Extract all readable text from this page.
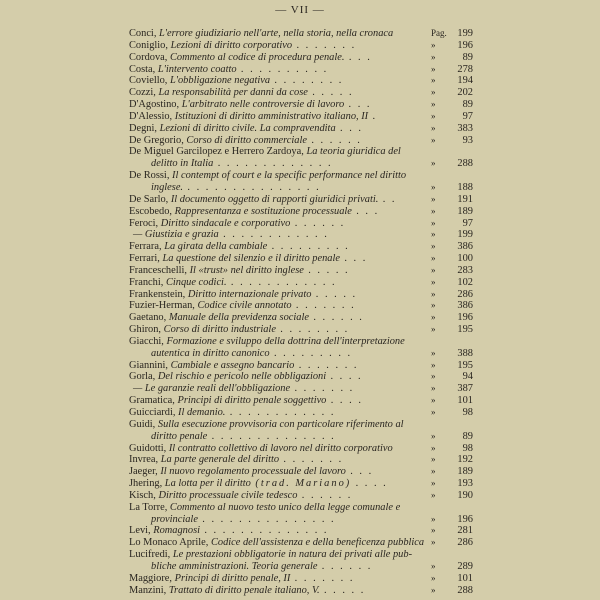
— VII —
Conci, L'errore giudiziario nell'arte, nella storia, nella cronaca	Pag.	199
Coniglio, Lezioni di diritto corporativo . . . . . . .	»	196
Cordova, Commento al codice di procedura penale. . . .	»	89
Costa, L'intervento coatto . . . . . . . . . .	»	278
Coviello, L'obbligazione negativa . . . . . . . .	»	194
Cozzi, La responsabilità per danni da cose . . . . .	»	202
D'Agostino, L'arbitrato nelle controversie di lavoro . . .	»	89
D'Alessio, Istituzioni di diritto amministrativo italiano, II .	»	97
Degni, Lezioni di diritto civile. La compravendita . . .	»	383
De Gregorio, Corso di diritto commerciale . . . . . .	»	93
De Miguel Garcilopez e Herrero Zardoya, La teoria giuridica del
delitto in Italia . . . . . . . . . . . . .	»	288
De Rossi, Il contempt of court e la specific performance nel diritto
inglese. . . . . . . . . . . . . . . .	»	188
De Sarlo, Il documento oggetto di rapporti giuridici privati. . .	»	191
Escobedo, Rappresentanza e sostituzione processuale . . .	»	189
Feroci, Diritto sindacale e corporativo . . . . . .	»	97
— Giustizia e grazia . . . . . . . . . . . .	»	199
Ferrara, La girata della cambiale . . . . . . . . .	»	386
Ferrari, La questione del silenzio e il diritto penale . . .	»	100
Franceschelli, Il «trust» nel diritto inglese . . . . .	»	283
Franchi, Cinque codici. . . . . . . . . . . . .	»	102
Frankenstein, Diritto internazionale privato . . . . .	»	286
Fuzier-Herman, Codice civile annotato . . . . . . .	»	386
Gaetano, Manuale della previdenza sociale . . . . . .	»	196
Ghiron, Corso di diritto industriale . . . . . . . .	»	195
Giacchi, Formazione e sviluppo della dottrina dell'interpretazione
autentica in diritto canonico . . . . . . . . .	»	388
Giannini, Cambiale e assegno bancario . . . . . . .	»	195
Gorla, Del rischio e pericolo nelle obbligazioni . . . .	»	94
— Le garanzie reali dell'obbligazione . . . . . . .	»	387
Gramatica, Principi di diritto penale soggettivo . . . .	»	101
Guicciardi, Il demanio. . . . . . . . . . . . .	»	98
Guidi, Sulla esecuzione provvisoria con particolare riferimento al
diritto penale . . . . . . . . . . . . . .	»	89
Guidotti, Il contratto collettivo di lavoro nel diritto corporativo	»	98
Invrea, La parte generale del diritto . . . . . . .	»	192
Jaeger, Il nuovo regolamento processuale del lavoro . . .	»	189
Jhering, La lotta per il diritto (trad. Mariano) . . . .	»	193
Kisch, Diritto processuale civile tedesco . . . . . .	»	190
La Torre, Commento al nuovo testo unico della legge comunale e
provinciale . . . . . . . . . . . . . . .	»	196
Levi, Romagnosi . . . . . . . . . . . . . .	»	281
Lo Monaco Aprile, Codice dell'assistenza e della beneficenza pubblica »	286
Lucifredi, Le prestazioni obbligatorie in natura dei privati alle pub-
bliche amministrazioni. Teoria generale . . . . . .	»	289
Maggiore, Principi di diritto penale, II . . . . . . .	»	101
Manzini, Trattato di diritto penale italiano, V. . . . . .	»	288
